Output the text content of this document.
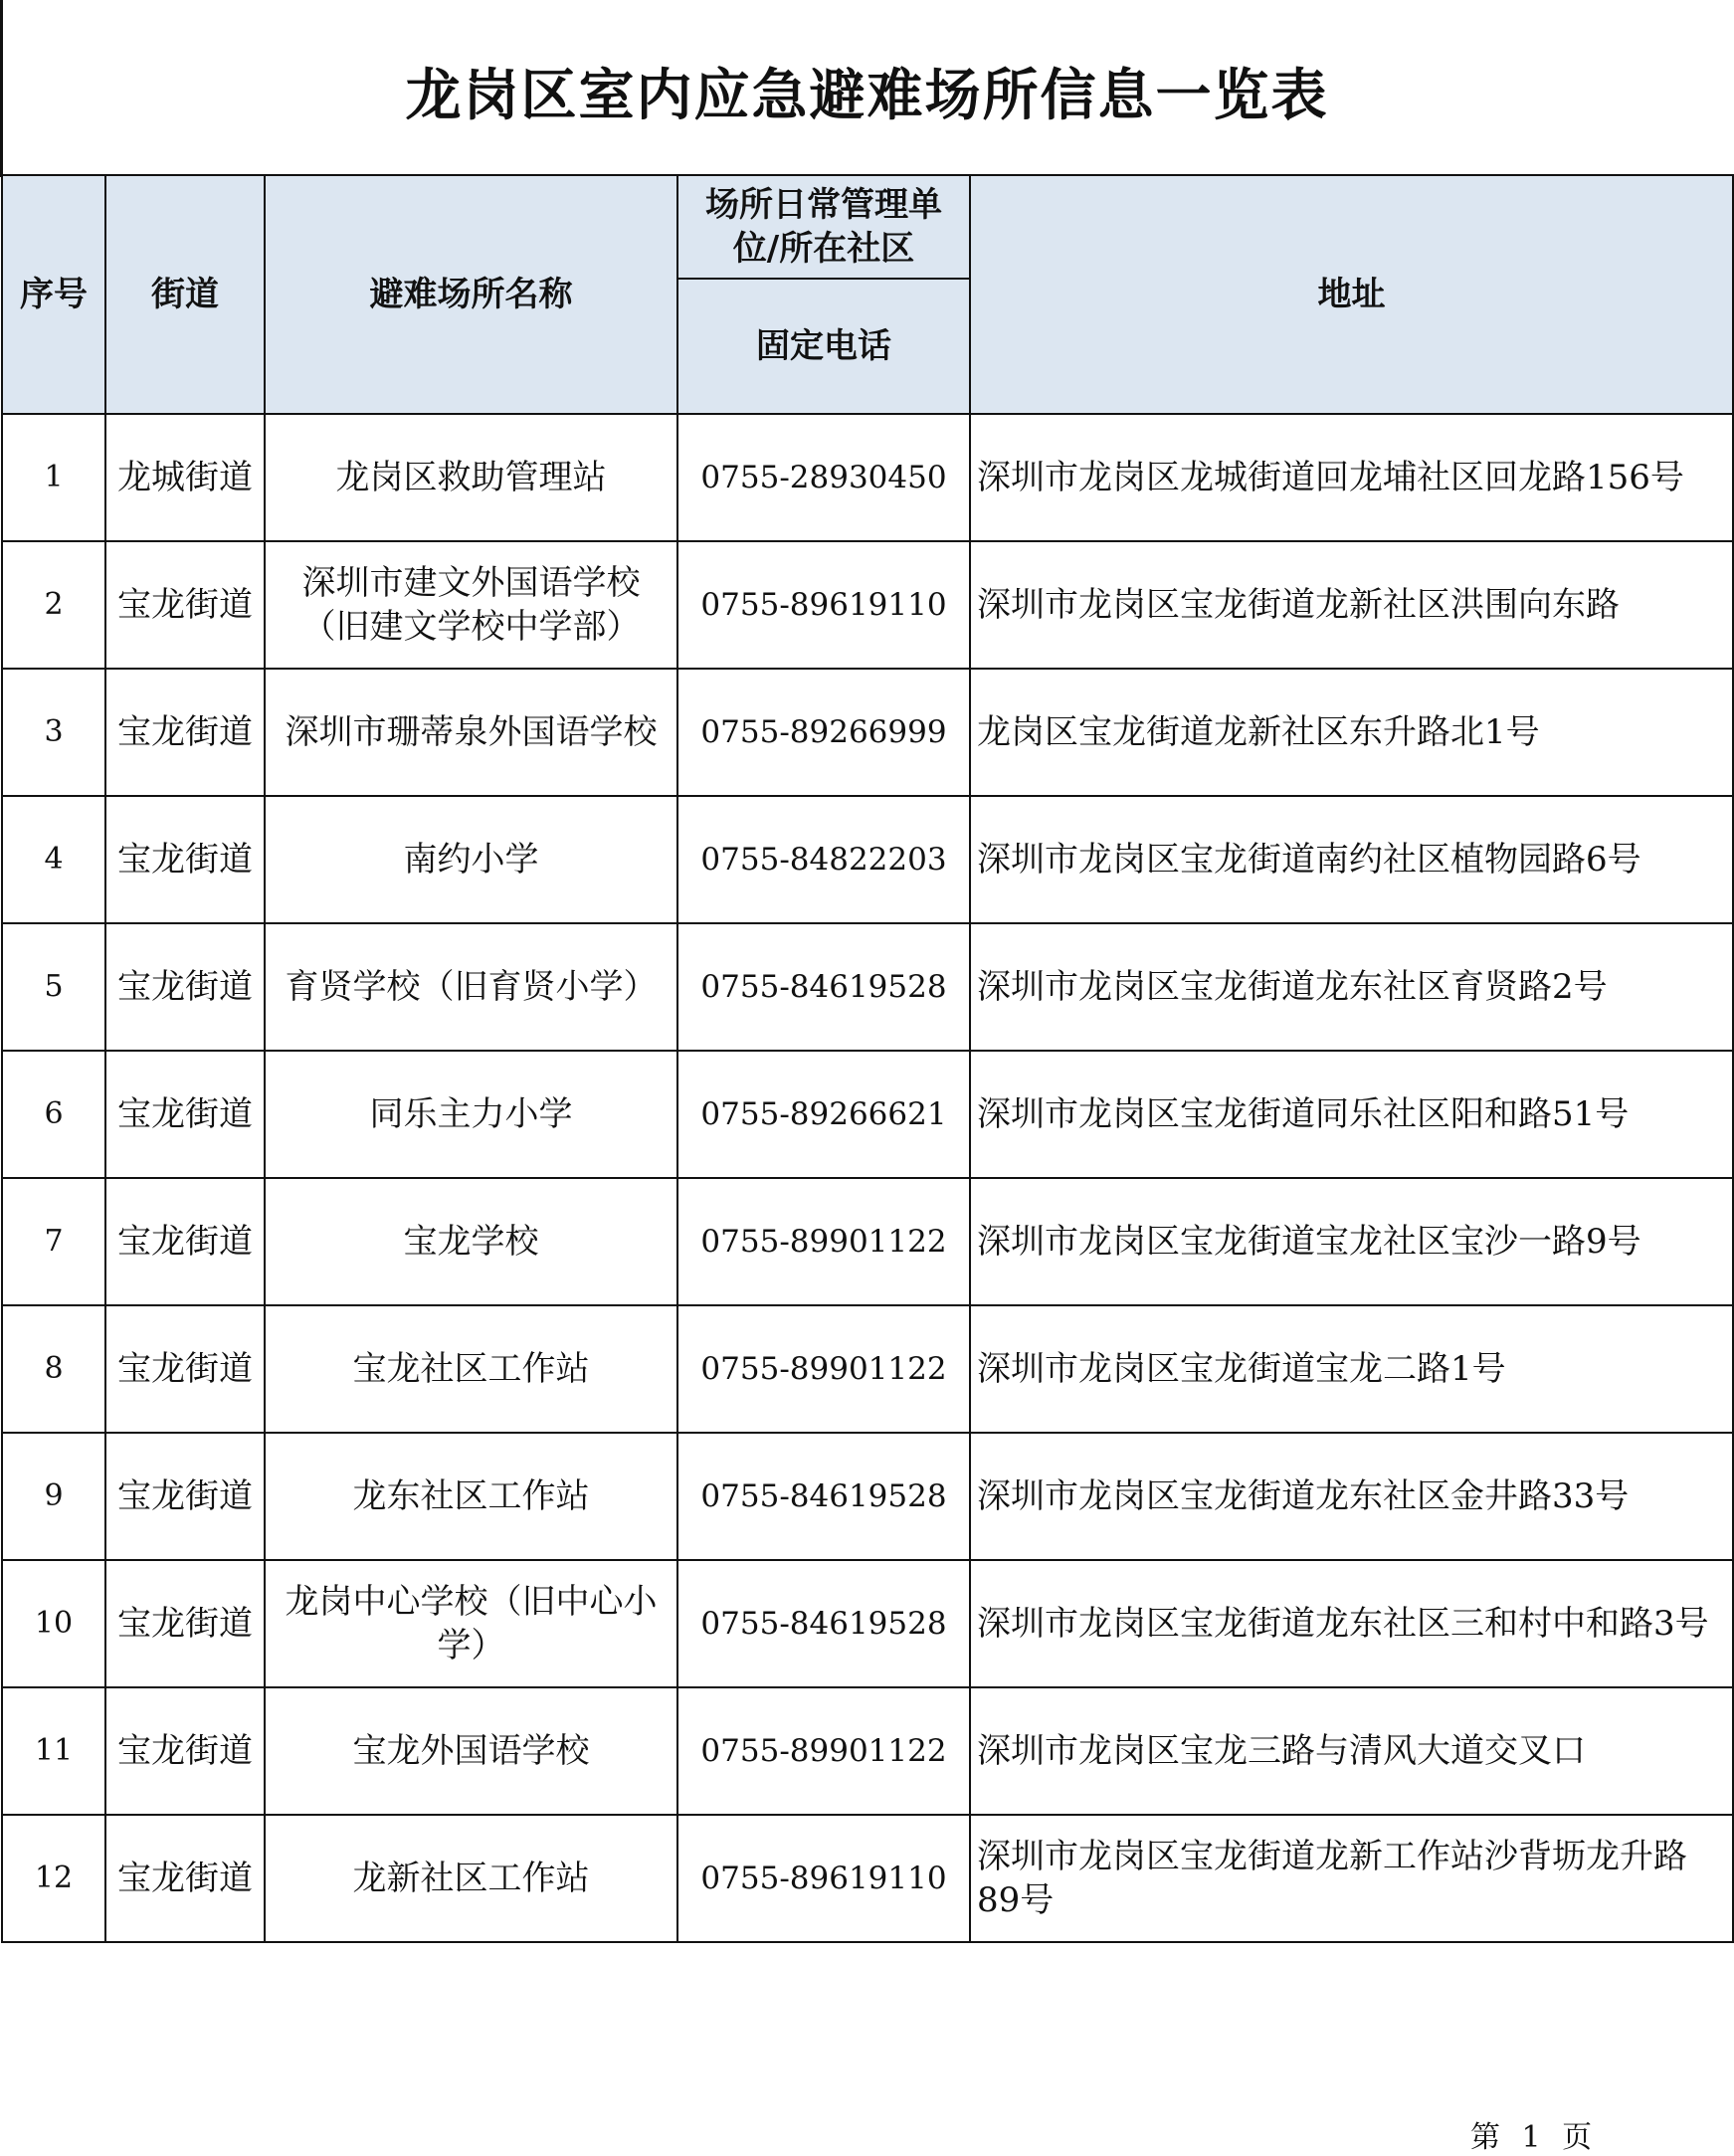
龙岗区室内应急避难场所信息一览表
序号	街道	避难场所名称	场所日常管理单位/所在社区	地址
			固定电话	
1	龙城街道	龙岗区救助管理站	0755-28930450	深圳市龙岗区龙城街道回龙埔社区回龙路156号
2	宝龙街道	深圳市建文外国语学校（旧建文学校中学部）	0755-89619110	深圳市龙岗区宝龙街道龙新社区洪围向东路
3	宝龙街道	深圳市珊蒂泉外国语学校	0755-89266999	龙岗区宝龙街道龙新社区东升路北1号
4	宝龙街道	南约小学	0755-84822203	深圳市龙岗区宝龙街道南约社区植物园路6号
5	宝龙街道	育贤学校（旧育贤小学）	0755-84619528	深圳市龙岗区宝龙街道龙东社区育贤路2号
6	宝龙街道	同乐主力小学	0755-89266621	深圳市龙岗区宝龙街道同乐社区阳和路51号
7	宝龙街道	宝龙学校	0755-89901122	深圳市龙岗区宝龙街道宝龙社区宝沙一路9号
8	宝龙街道	宝龙社区工作站	0755-89901122	深圳市龙岗区宝龙街道宝龙二路1号
9	宝龙街道	龙东社区工作站	0755-84619528	深圳市龙岗区宝龙街道龙东社区金井路33号
10	宝龙街道	龙岗中心学校（旧中心小学）	0755-84619528	深圳市龙岗区宝龙街道龙东社区三和村中和路3号
11	宝龙街道	宝龙外国语学校	0755-89901122	深圳市龙岗区宝龙三路与清风大道交叉口
12	宝龙街道	龙新社区工作站	0755-89619110	深圳市龙岗区宝龙街道龙新工作站沙背坜龙升路89号
第 1 页
